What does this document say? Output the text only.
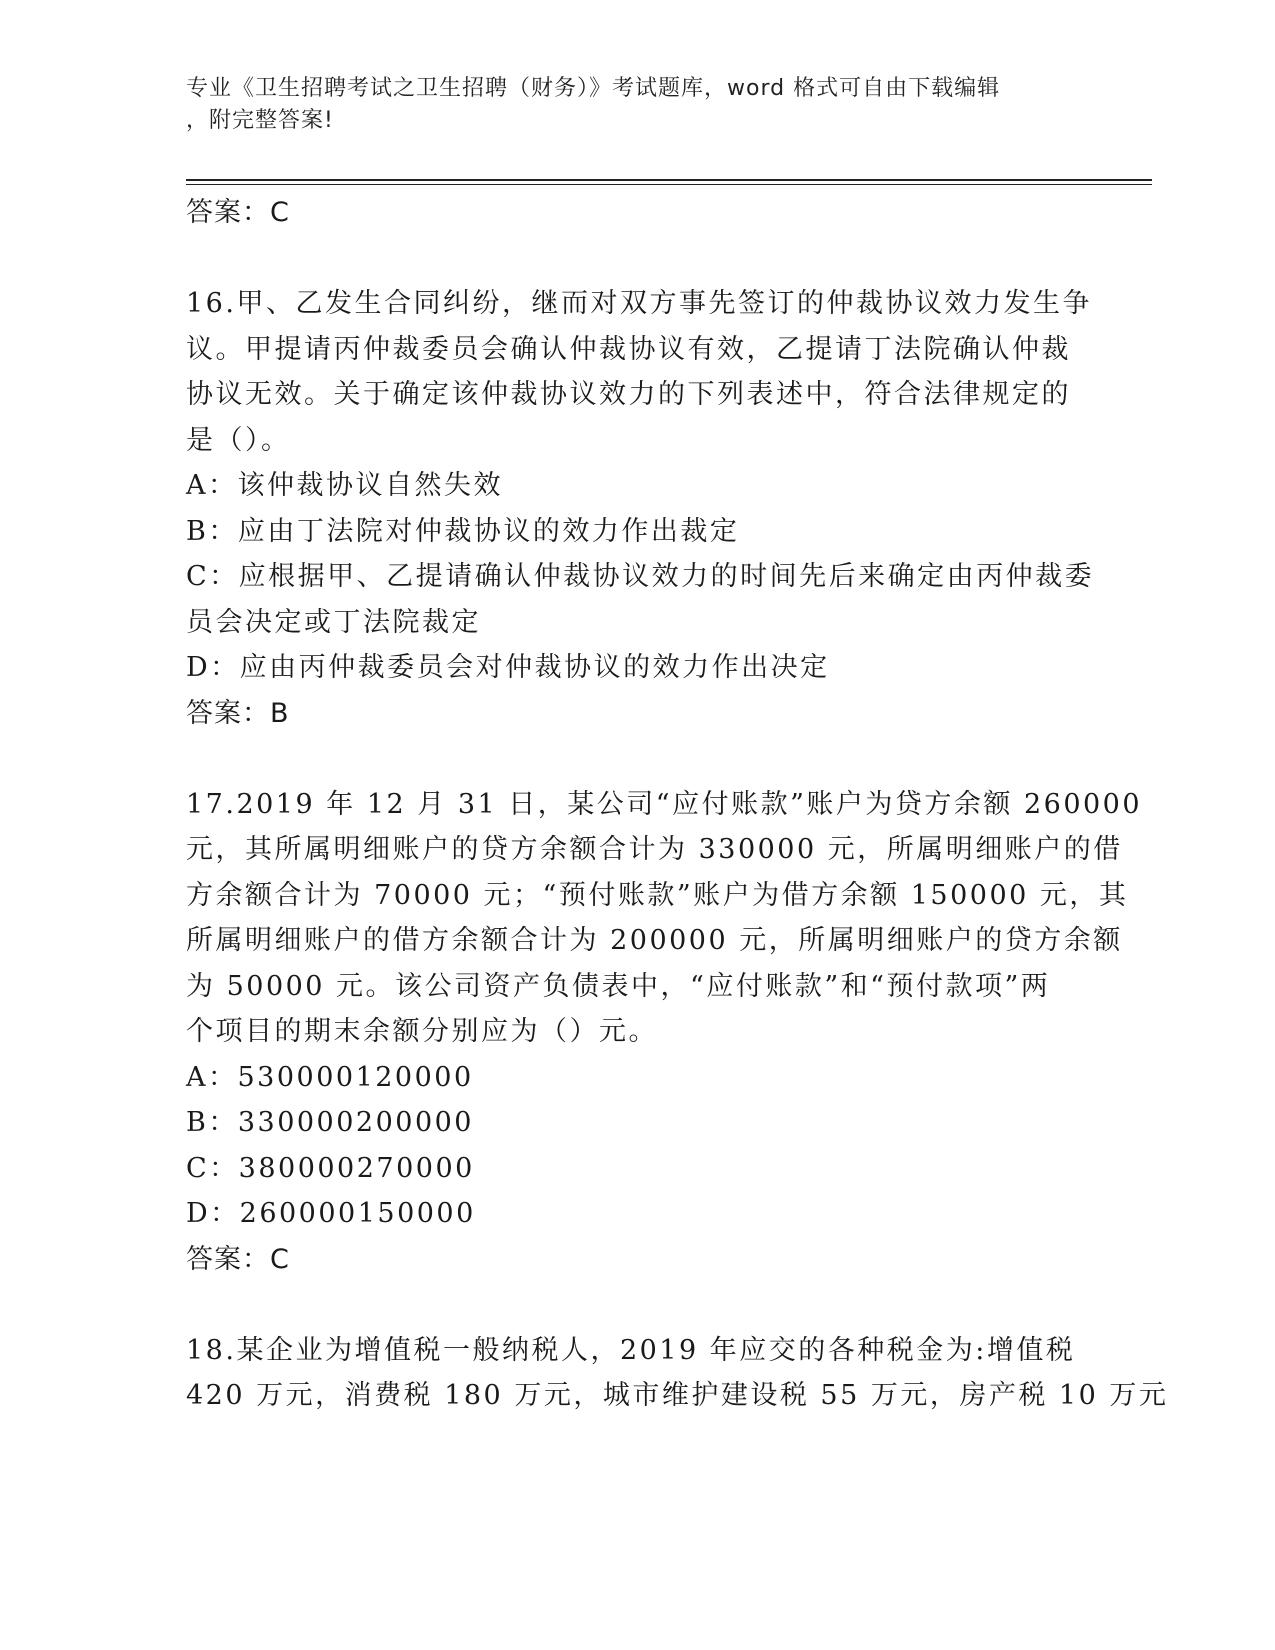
专业《卫生招聘考试之卫生招聘（财务）》考试题库，word 格式可自由下载编辑
，附完整答案!
答案：C
16.甲、乙发生合同纠纷，继而对双方事先签订的仲裁协议效力发生争
议。甲提请丙仲裁委员会确认仲裁协议有效，乙提请丁法院确认仲裁
协议无效。关于确定该仲裁协议效力的下列表述中，符合法律规定的
是（）。
A：该仲裁协议自然失效
B：应由丁法院对仲裁协议的效力作出裁定
C：应根据甲、乙提请确认仲裁协议效力的时间先后来确定由丙仲裁委
员会决定或丁法院裁定
D：应由丙仲裁委员会对仲裁协议的效力作出决定
答案：B
17.2019 年 12 月 31 日，某公司“应付账款”账户为贷方余额 260000
元，其所属明细账户的贷方余额合计为 330000 元，所属明细账户的借
方余额合计为 70000 元；“预付账款”账户为借方余额 150000 元，其
所属明细账户的借方余额合计为 200000 元，所属明细账户的贷方余额
为 50000 元。该公司资产负债表中，“应付账款”和“预付款项”两
个项目的期末余额分别应为（）元。
A：530000120000
B：330000200000
C：380000270000
D：260000150000
答案：C
18.某企业为增值税一般纳税人，2019 年应交的各种税金为:增值税
420 万元，消费税 180 万元，城市维护建设税 55 万元，房产税 10 万元
